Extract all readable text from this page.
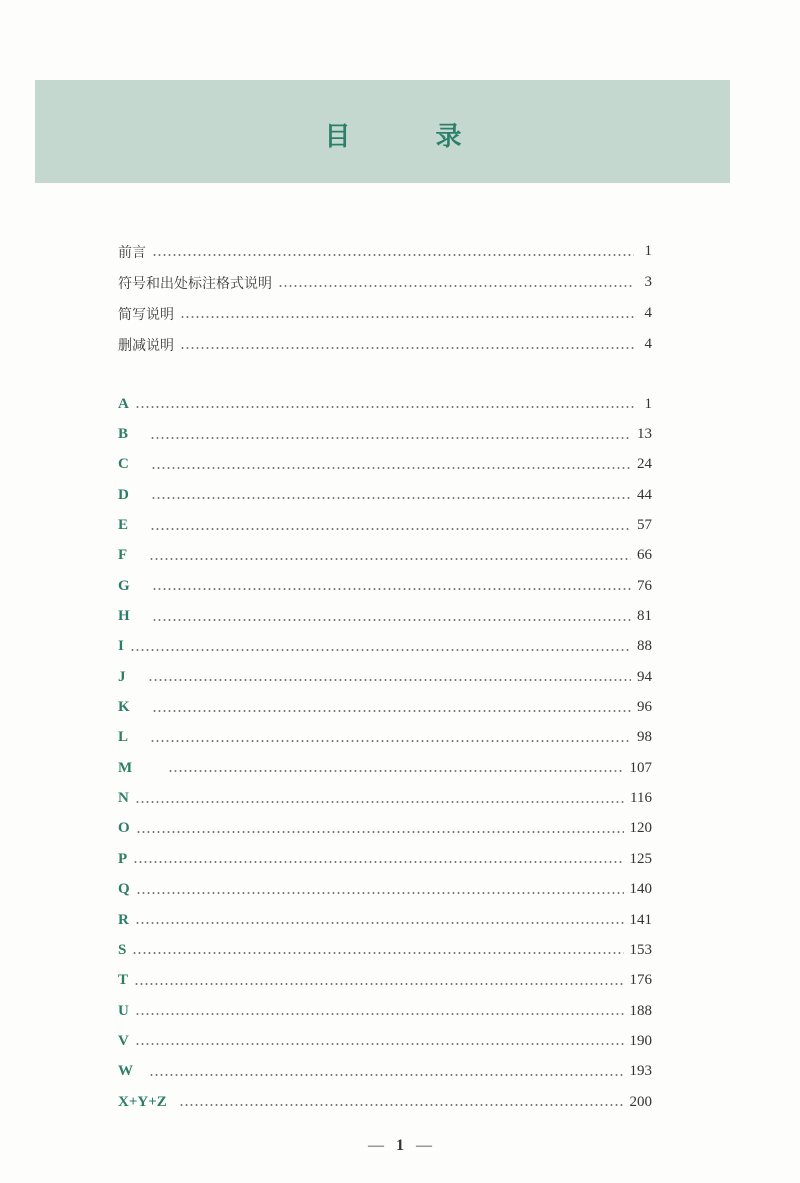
目 录
前言	1
符号和出处标注格式说明	3
简写说明	4
删减说明	4
A	1
B	13
C	24
D	44
E	57
F	66
G	76
H	81
I	88
J	94
K	96
L	98
M	107
N	116
O	120
P	125
Q	140
R	141
S	153
T	176
U	188
V	190
W	193
X+Y+Z	200
— 1 —
